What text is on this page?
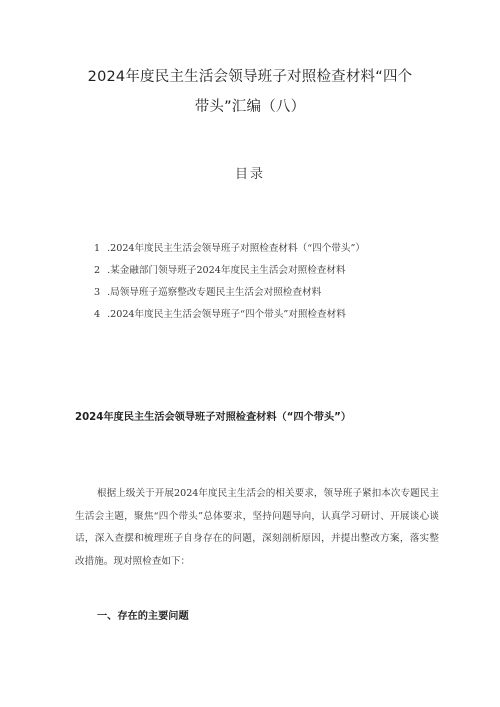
2024年度民主生活会领导班子对照检查材料“四个
带头”汇编（八）
目录
1 .2024年度民主生活会领导班子对照检查材料（“四个带头”）
2 .某金融部门领导班子2024年度民主生活会对照检查材料
3 .局领导班子巡察整改专题民主生活会对照检查材料
4 .2024年度民主生活会领导班子“四个带头”对照检查材料
2024年度民主生活会领导班子对照检查材料（“四个带头”）
根据上级关于开展2024年度民主生活会的相关要求，领导班子紧扣本次专题民主生活会主题，聚焦“四个带头”总体要求，坚持问题导向，认真学习研讨、开展谈心谈话，深入查摆和梳理班子自身存在的问题，深刻剖析原因，并提出整改方案，落实整改措施。现对照检查如下：
一、存在的主要问题
